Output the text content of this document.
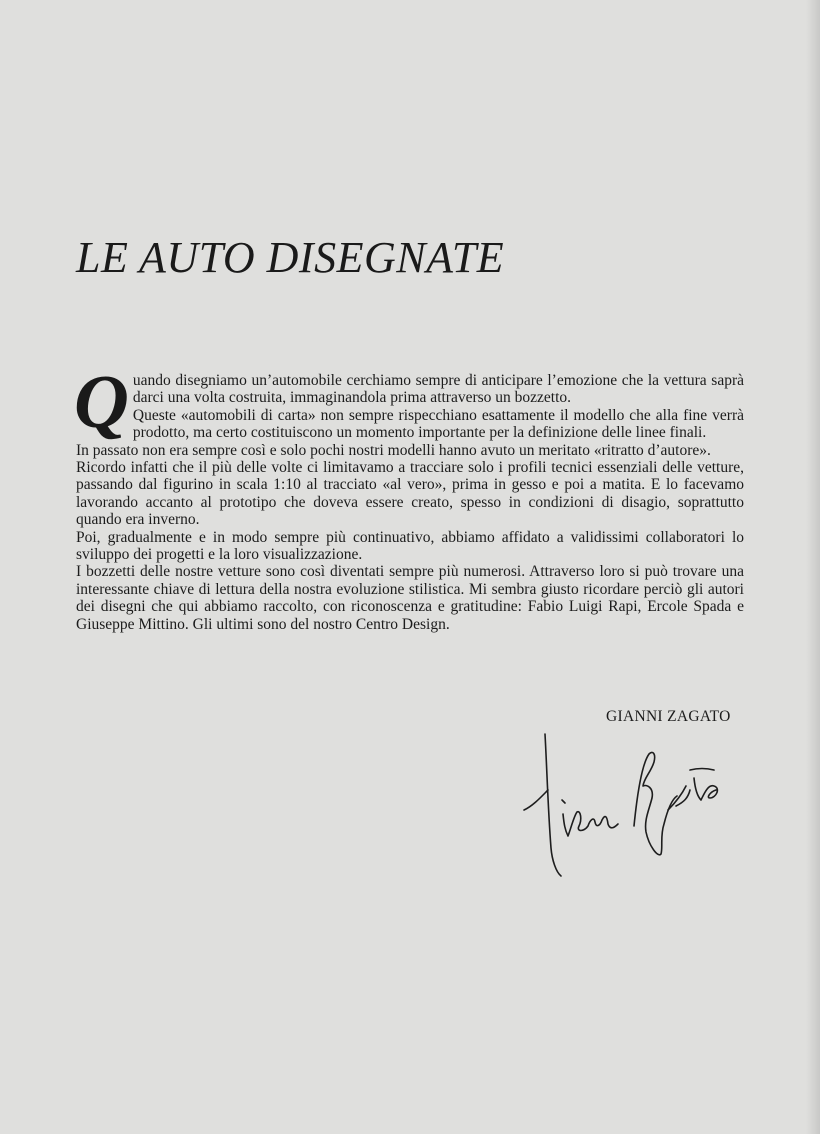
LE AUTO DISEGNATE

Quando disegniamo un’automobile cerchiamo sempre di anticipare l’emozione che la vettura saprà darci una volta costruita, immaginandola prima attraverso un bozzetto.

Queste «automobili di carta» non sempre rispecchiano esattamente il modello che alla fine verrà prodotto, ma certo costituiscono un momento importante per la definizione delle linee finali.

In passato non era sempre così e solo pochi nostri modelli hanno avuto un meritato «ritratto d’autore».

Ricordo infatti che il più delle volte ci limitavamo a tracciare solo i profili tecnici essenziali delle vetture, passando dal figurino in scala 1:10 al tracciato «al vero», prima in gesso e poi a matita. E lo facevamo lavorando accanto al prototipo che doveva essere creato, spesso in condizioni di disagio, soprattutto quando era inverno.

Poi, gradualmente e in modo sempre più continuativo, abbiamo affidato a validissimi collaboratori lo sviluppo dei progetti e la loro visualizzazione.

I bozzetti delle nostre vetture sono così diventati sempre più numerosi. Attraverso loro si può trovare una interessante chiave di lettura della nostra evoluzione stilistica. Mi sembra giusto ricordare perciò gli autori dei disegni che qui abbiamo raccolto, con riconoscenza e gratitudine: Fabio Luigi Rapi, Ercole Spada e Giuseppe Mittino. Gli ultimi sono del nostro Centro Design.

GIANNI ZAGATO
